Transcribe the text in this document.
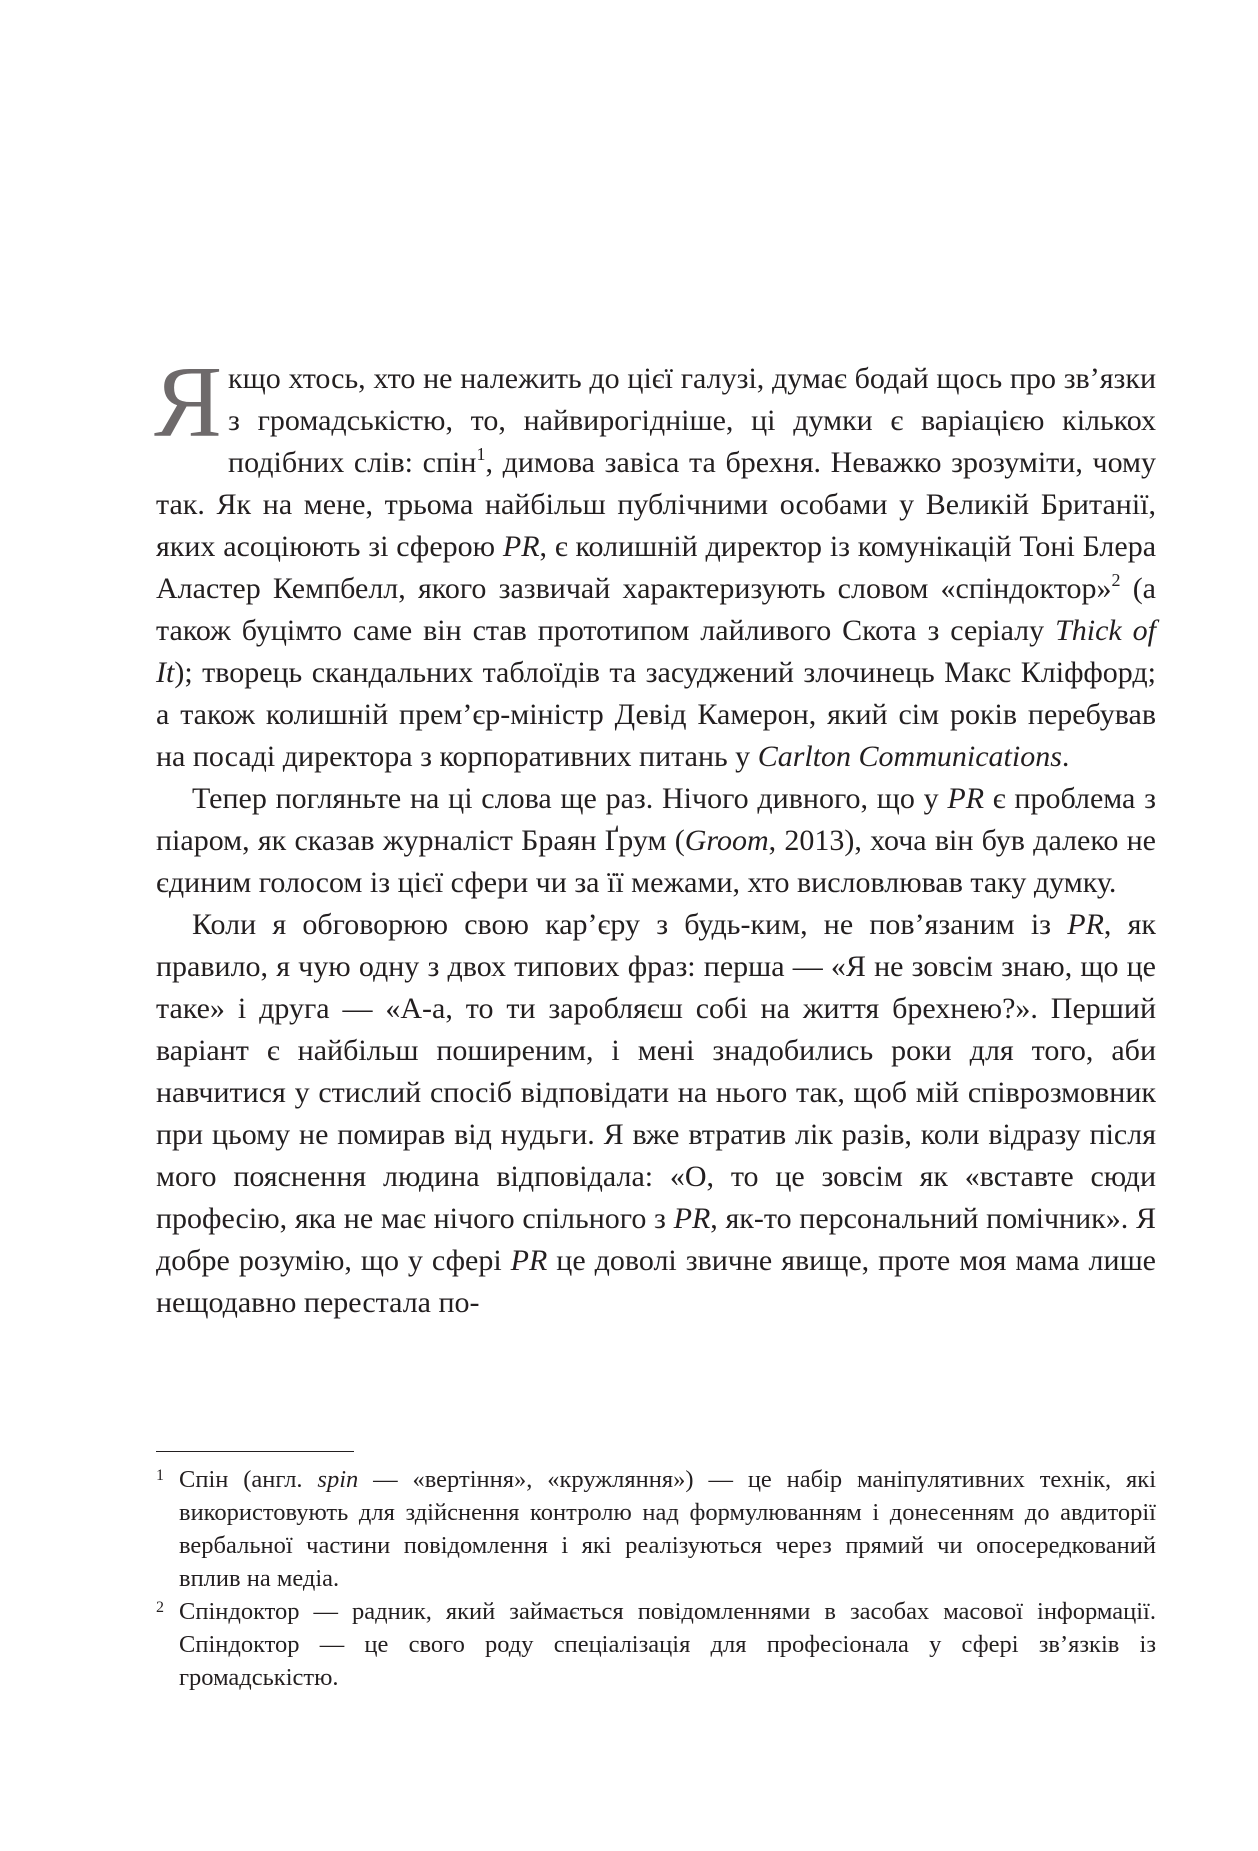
Я кщо хтось, хто не належить до цієї галузі, думає бодай щось про зв’язки з громадськістю, то, найвирогідніше, ці думки є варіацією кількох подібних слів: спін$^1$, димова завіса та брехня. Неважко зрозуміти, чому так. Як на мене, трьома найбільш публічними особами у Великій Британії, яких асоціюють зі сферою PR, є колишній директор із комунікацій Тоні Блера Аластер Кемпбелл, якого зазвичай характеризують словом «спіндоктор»$^2$ (а також буцімто саме він став прототипом лайливого Скота з серіалу Thick of It); творець скандальних таблоїдів та засуджений злочинець Макс Кліффорд; а також колишній прем’єр-міністр Девід Камерон, який сім років перебував на посаді директора з корпоративних питань у Carlton Communications.

Тепер погляньте на ці слова ще раз. Нічого дивного, що у PR є проблема з піаром, як сказав журналіст Браян Ґрум (Groom, 2013), хоча він був далеко не єдиним голосом із цієї сфери чи за її межами, хто висловлював таку думку.

Коли я обговорюю свою кар’єру з будь-ким, не пов’язаним із PR, як правило, я чую одну з двох типових фраз: перша — «Я не зовсім знаю, що це таке» і друга — «А-а, то ти заробляєш собі на життя брехнею?». Перший варіант є найбільш поширеним, і мені знадобились роки для того, аби навчитися у стислий спосіб відповідати на нього так, щоб мій співрозмовник при цьому не помирав від нудьги. Я вже втратив лік разів, коли відразу після мого пояснення людина відповідала: «О, то це зовсім як «вставте сюди професію, яка не має нічого спільного з PR, як-то персональний помічник». Я добре розумію, що у сфері PR це доволі звичне явище, проте моя мама лише нещодавно перестала по-

1 Спін (англ. spin — «вертіння», «кружляння») — це набір маніпулятивних технік, які використовують для здійснення контролю над формулюванням і донесенням до авдиторії вербальної частини повідомлення і які реалізуються через прямий чи опосередкований вплив на медіа.

2 Спіндоктор — радник, який займається повідомленнями в засобах масової інформації. Спіндоктор — це свого роду спеціалізація для професіонала у сфері зв’язків із громадськістю.
